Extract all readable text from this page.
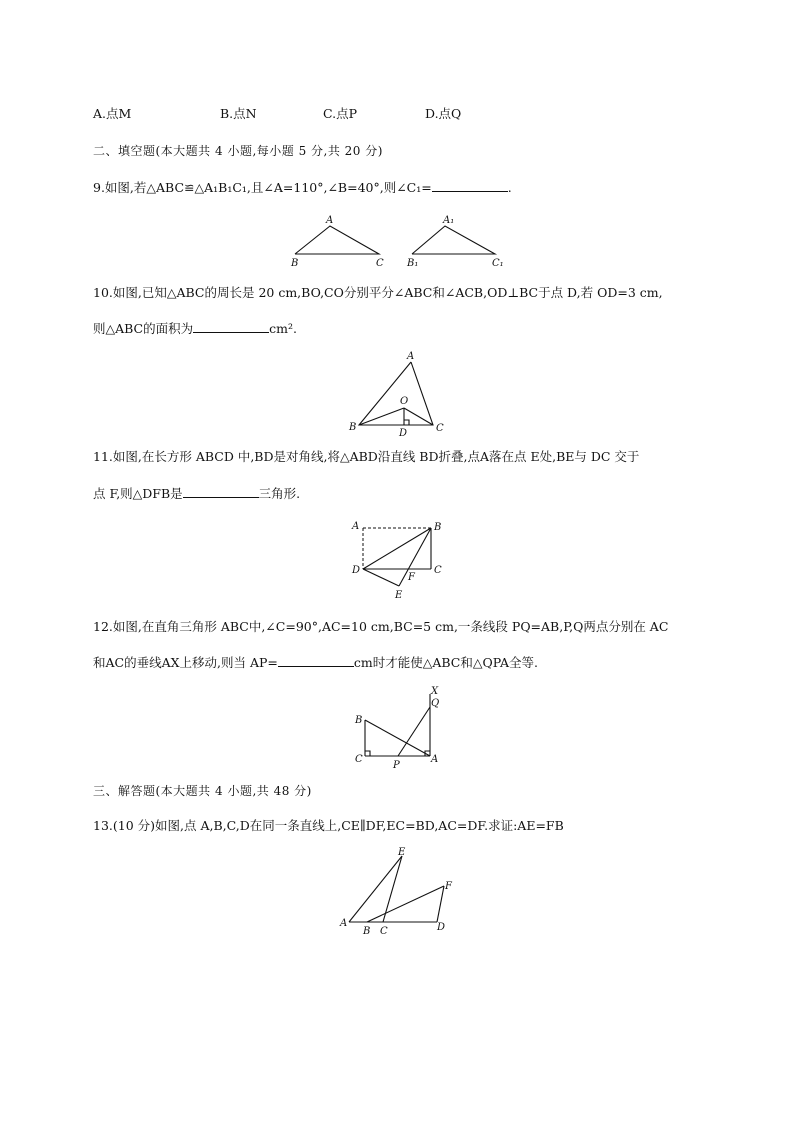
A.点M	B.点N	C.点P	D.点Q
二、填空题(本大题共 4 小题,每小题 5 分,共 20 分)
9.如图,若△ABC≌△A₁B₁C₁,且∠A=110°,∠B=40°,则∠C₁=	.
A
B	C
A₁
B₁	C₁
10.如图,已知△ABC的周长是 20 cm,BO,CO分别平分∠ABC和∠ACB,OD⊥BC于点 D,若 OD=3 cm,
则△ABC的面积为	cm².
A
B	C
O
D
11.如图,在长方形 ABCD 中,BD是对角线,将△ABD沿直线 BD折叠,点A落在点 E处,BE与 DC 交于
点 F,则△DFB是	三角形.
A	B
C
D
E
F
12.如图,在直角三角形 ABC中,∠C=90°,AC=10 cm,BC=5 cm,一条线段 PQ=AB,P,Q两点分别在 AC
和AC的垂线AX上移动,则当 AP=	cm时才能使△ABC和△QPA全等.
X
Q
B
C
P
A
三、解答题(本大题共 4 小题,共 48 分)
13.(10 分)如图,点 A,B,C,D在同一条直线上,CE∥DF,EC=BD,AC=DF.求证:AE=FB
E
F
A
B C	D
